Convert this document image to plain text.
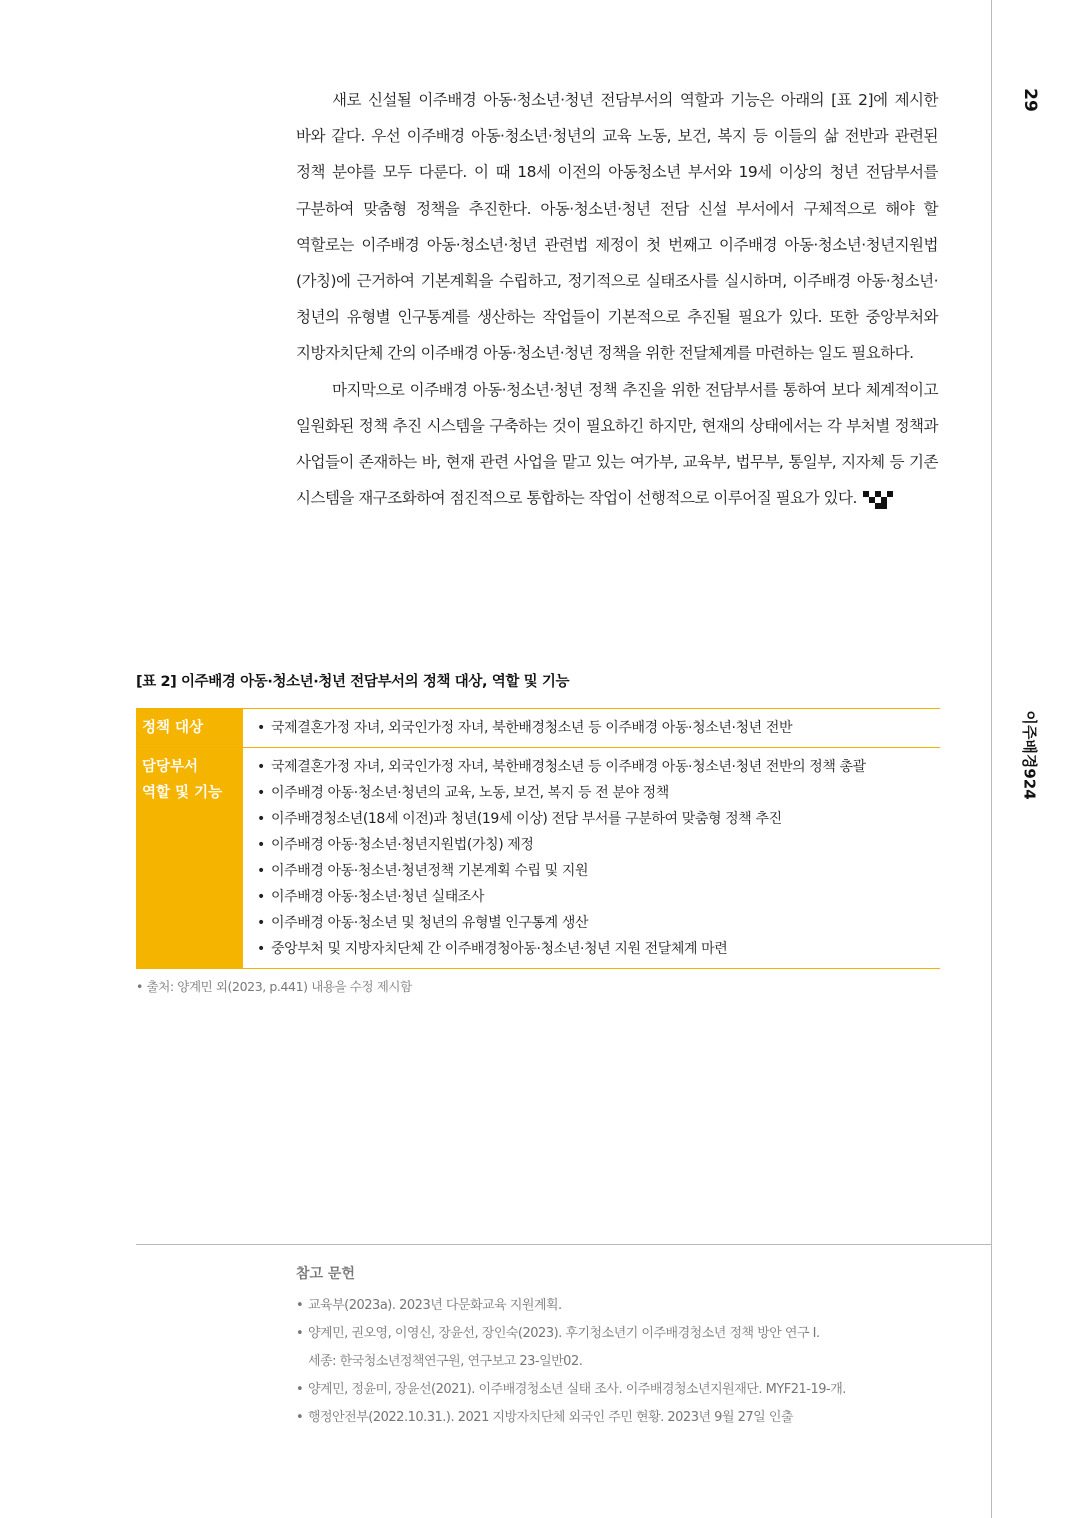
29
이주배경924

새로 신설될 이주배경 아동·청소년·청년 전담부서의 역할과 기능은 아래의 [표 2]에 제시한 바와 같다. 우선 이주배경 아동·청소년·청년의 교육 노동, 보건, 복지 등 이들의 삶 전반과 관련된 정책 분야를 모두 다룬다. 이 때 18세 이전의 아동청소년 부서와 19세 이상의 청년 전담부서를 구분하여 맞춤형 정책을 추진한다. 아동·청소년·청년 전담 신설 부서에서 구체적으로 해야 할 역할로는 이주배경 아동·청소년·청년 관련법 제정이 첫 번째고 이주배경 아동·청소년·청년지원법(가칭)에 근거하여 기본계획을 수립하고, 정기적으로 실태조사를 실시하며, 이주배경 아동·청소년·청년의 유형별 인구통계를 생산하는 작업들이 기본적으로 추진될 필요가 있다. 또한 중앙부처와 지방자치단체 간의 이주배경 아동·청소년·청년 정책을 위한 전달체계를 마련하는 일도 필요하다.

마지막으로 이주배경 아동·청소년·청년 정책 추진을 위한 전담부서를 통하여 보다 체계적이고 일원화된 정책 추진 시스템을 구축하는 것이 필요하긴 하지만, 현재의 상태에서는 각 부처별 정책과 사업들이 존재하는 바, 현재 관련 사업을 맡고 있는 여가부, 교육부, 법무부, 통일부, 지자체 등 기존 시스템을 재구조화하여 점진적으로 통합하는 작업이 선행적으로 이루어질 필요가 있다.

[표 2] 이주배경 아동·청소년·청년 전담부서의 정책 대상, 역할 및 기능
정책 대상
•	국제결혼가정 자녀, 외국인가정 자녀, 북한배경청소년 등 이주배경 아동·청소년·청년 전반
담당부서
역할 및 기능
• 국제결혼가정 자녀, 외국인가정 자녀, 북한배경청소년 등 이주배경 아동·청소년·청년 전반의 정책 총괄
• 이주배경 아동·청소년·청년의 교육, 노동, 보건, 복지 등 전 분야 정책
• 이주배경청소년(18세 이전)과 청년(19세 이상) 전담 부서를 구분하여 맞춤형 정책 추진
• 이주배경 아동·청소년·청년지원법(가칭) 제정
• 이주배경 아동·청소년·청년정책 기본계획 수립 및 지원
• 이주배경 아동·청소년·청년 실태조사
• 이주배경 아동·청소년 및 청년의 유형별 인구통계 생산
• 중앙부처 및 지방자치단체 간 이주배경청아동·청소년·청년 지원 전달체계 마련
• 출처: 양계민 외(2023, p.441) 내용을 수정 제시함
참고 문헌
• 교육부(2023a). 2023년 다문화교육 지원계획.
• 양계민, 권오영, 이영신, 장윤선, 장인숙(2023). 후기청소년기 이주배경청소년 정책 방안 연구 I.
세종: 한국청소년정책연구원, 연구보고 23-일반02.
• 양계민, 정윤미, 장윤선(2021). 이주배경청소년 실태 조사. 이주배경청소년지원재단. MYF21-19-개.
• 행정안전부(2022.10.31.). 2021 지방자치단체 외국인 주민 현황. 2023년 9월 27일 인출
